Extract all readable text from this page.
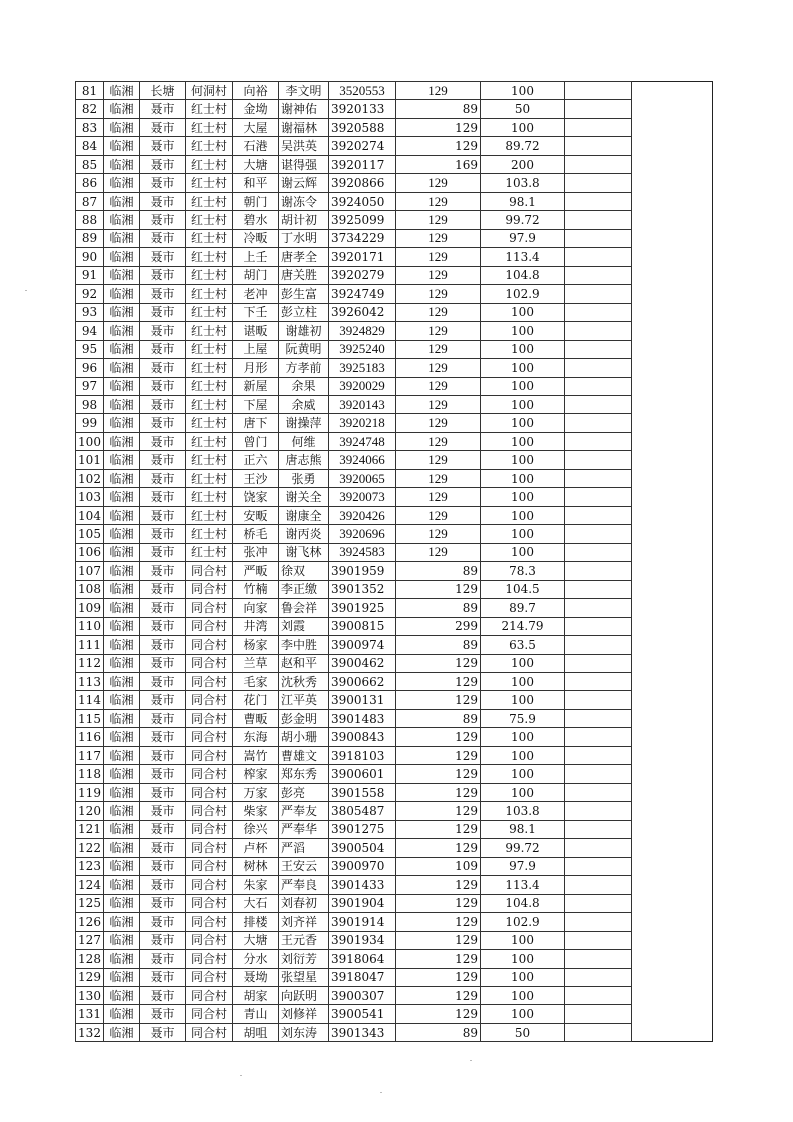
81	临湘	长塘	何洞村	向裕	李文明	3520553	129	100	
82	临湘	聂市	红士村	金坳	谢神佑	3920133	89	50	
83	临湘	聂市	红士村	大屋	谢福林	3920588	129	100	
84	临湘	聂市	红士村	石港	吴洪英	3920274	129	89.72	
85	临湘	聂市	红士村	大塘	谌得强	3920117	169	200	
86	临湘	聂市	红士村	和平	谢云辉	3920866	129	103.8	
87	临湘	聂市	红士村	朝门	谢冻令	3924050	129	98.1	
88	临湘	聂市	红士村	碧水	胡计初	3925099	129	99.72	
89	临湘	聂市	红士村	冷畈	丁水明	3734229	129	97.9	
90	临湘	聂市	红士村	上壬	唐孝全	3920171	129	113.4	
91	临湘	聂市	红士村	胡门	唐关胜	3920279	129	104.8	
92	临湘	聂市	红士村	老冲	彭生富	3924749	129	102.9	
93	临湘	聂市	红士村	下壬	彭立柱	3926042	129	100	
94	临湘	聂市	红士村	谌畈	谢雄初	3924829	129	100	
95	临湘	聂市	红士村	上屋	阮黄明	3925240	129	100	
96	临湘	聂市	红士村	月形	方孝前	3925183	129	100	
97	临湘	聂市	红士村	新屋	余果	3920029	129	100	
98	临湘	聂市	红士村	下屋	余威	3920143	129	100	
99	临湘	聂市	红士村	唐下	谢操萍	3920218	129	100	
100	临湘	聂市	红士村	曾门	何维	3924748	129	100	
101	临湘	聂市	红士村	正六	唐志熊	3924066	129	100	
102	临湘	聂市	红士村	王沙	张勇	3920065	129	100	
103	临湘	聂市	红士村	饶家	谢关全	3920073	129	100	
104	临湘	聂市	红士村	安畈	谢康全	3920426	129	100	
105	临湘	聂市	红士村	桥毛	谢丙炎	3920696	129	100	
106	临湘	聂市	红士村	张冲	谢飞林	3924583	129	100	
107	临湘	聂市	同合村	严畈	徐双	3901959	89	78.3	
108	临湘	聂市	同合村	竹楠	李正缴	3901352	129	104.5	
109	临湘	聂市	同合村	向家	鲁会祥	3901925	89	89.7	
110	临湘	聂市	同合村	井湾	刘霞	3900815	299	214.79	
111	临湘	聂市	同合村	杨家	李中胜	3900974	89	63.5	
112	临湘	聂市	同合村	兰草	赵和平	3900462	129	100	
113	临湘	聂市	同合村	毛家	沈秋秀	3900662	129	100	
114	临湘	聂市	同合村	花门	江平英	3900131	129	100	
115	临湘	聂市	同合村	曹畈	彭金明	3901483	89	75.9	
116	临湘	聂市	同合村	东海	胡小珊	3900843	129	100	
117	临湘	聂市	同合村	嵩竹	曹雄文	3918103	129	100	
118	临湘	聂市	同合村	榨家	郑东秀	3900601	129	100	
119	临湘	聂市	同合村	万家	彭亮	3901558	129	100	
120	临湘	聂市	同合村	柴家	严奉友	3805487	129	103.8	
121	临湘	聂市	同合村	徐兴	严奉华	3901275	129	98.1	
122	临湘	聂市	同合村	卢杯	严滔	3900504	129	99.72	
123	临湘	聂市	同合村	树林	王安云	3900970	109	97.9	
124	临湘	聂市	同合村	朱家	严奉良	3901433	129	113.4	
125	临湘	聂市	同合村	大石	刘春初	3901904	129	104.8	
126	临湘	聂市	同合村	排楼	刘齐祥	3901914	129	102.9	
127	临湘	聂市	同合村	大塘	王元香	3901934	129	100	
128	临湘	聂市	同合村	分水	刘衍芳	3918064	129	100	
129	临湘	聂市	同合村	聂坳	张望星	3918047	129	100	
130	临湘	聂市	同合村	胡家	向跃明	3900307	129	100	
131	临湘	聂市	同合村	青山	刘修祥	3900541	129	100	
132	临湘	聂市	同合村	胡咀	刘东涛	3901343	89	50	
